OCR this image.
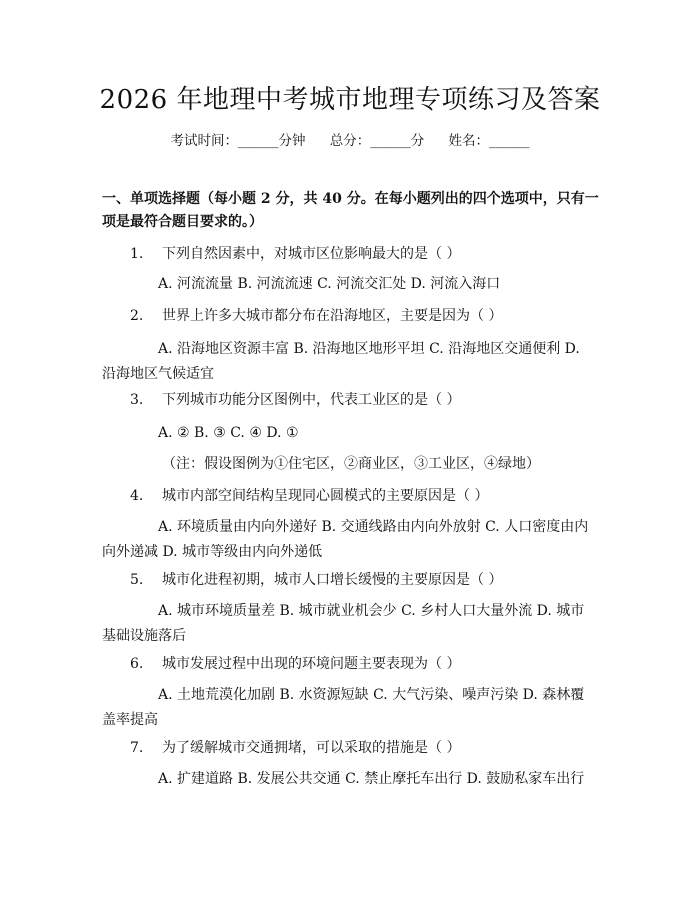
2026 年地理中考城市地理专项练习及答案
考试时间：______分钟 总分：______分 姓名：______
一、单项选择题（每小题 2 分，共 40 分。在每小题列出的四个选项中，只有一项是最符合题目要求的。）
1. 下列自然因素中，对城市区位影响最大的是（ ）
A. 河流流量 B. 河流流速 C. 河流交汇处 D. 河流入海口
2. 世界上许多大城市都分布在沿海地区，主要是因为（ ）
A. 沿海地区资源丰富 B. 沿海地区地形平坦 C. 沿海地区交通便利 D. 沿海地区气候适宜
3. 下列城市功能分区图例中，代表工业区的是（ ）
A. ② B. ③ C. ④ D. ①
（注：假设图例为①住宅区，②商业区，③工业区，④绿地）
4. 城市内部空间结构呈现同心圆模式的主要原因是（ ）
A. 环境质量由内向外递好 B. 交通线路由内向外放射 C. 人口密度由内向外递减 D. 城市等级由内向外递低
5. 城市化进程初期，城市人口增长缓慢的主要原因是（ ）
A. 城市环境质量差 B. 城市就业机会少 C. 乡村人口大量外流 D. 城市基础设施落后
6. 城市发展过程中出现的环境问题主要表现为（ ）
A. 土地荒漠化加剧 B. 水资源短缺 C. 大气污染、噪声污染 D. 森林覆盖率提高
7. 为了缓解城市交通拥堵，可以采取的措施是（ ）
A. 扩建道路 B. 发展公共交通 C. 禁止摩托车出行 D. 鼓励私家车出行
